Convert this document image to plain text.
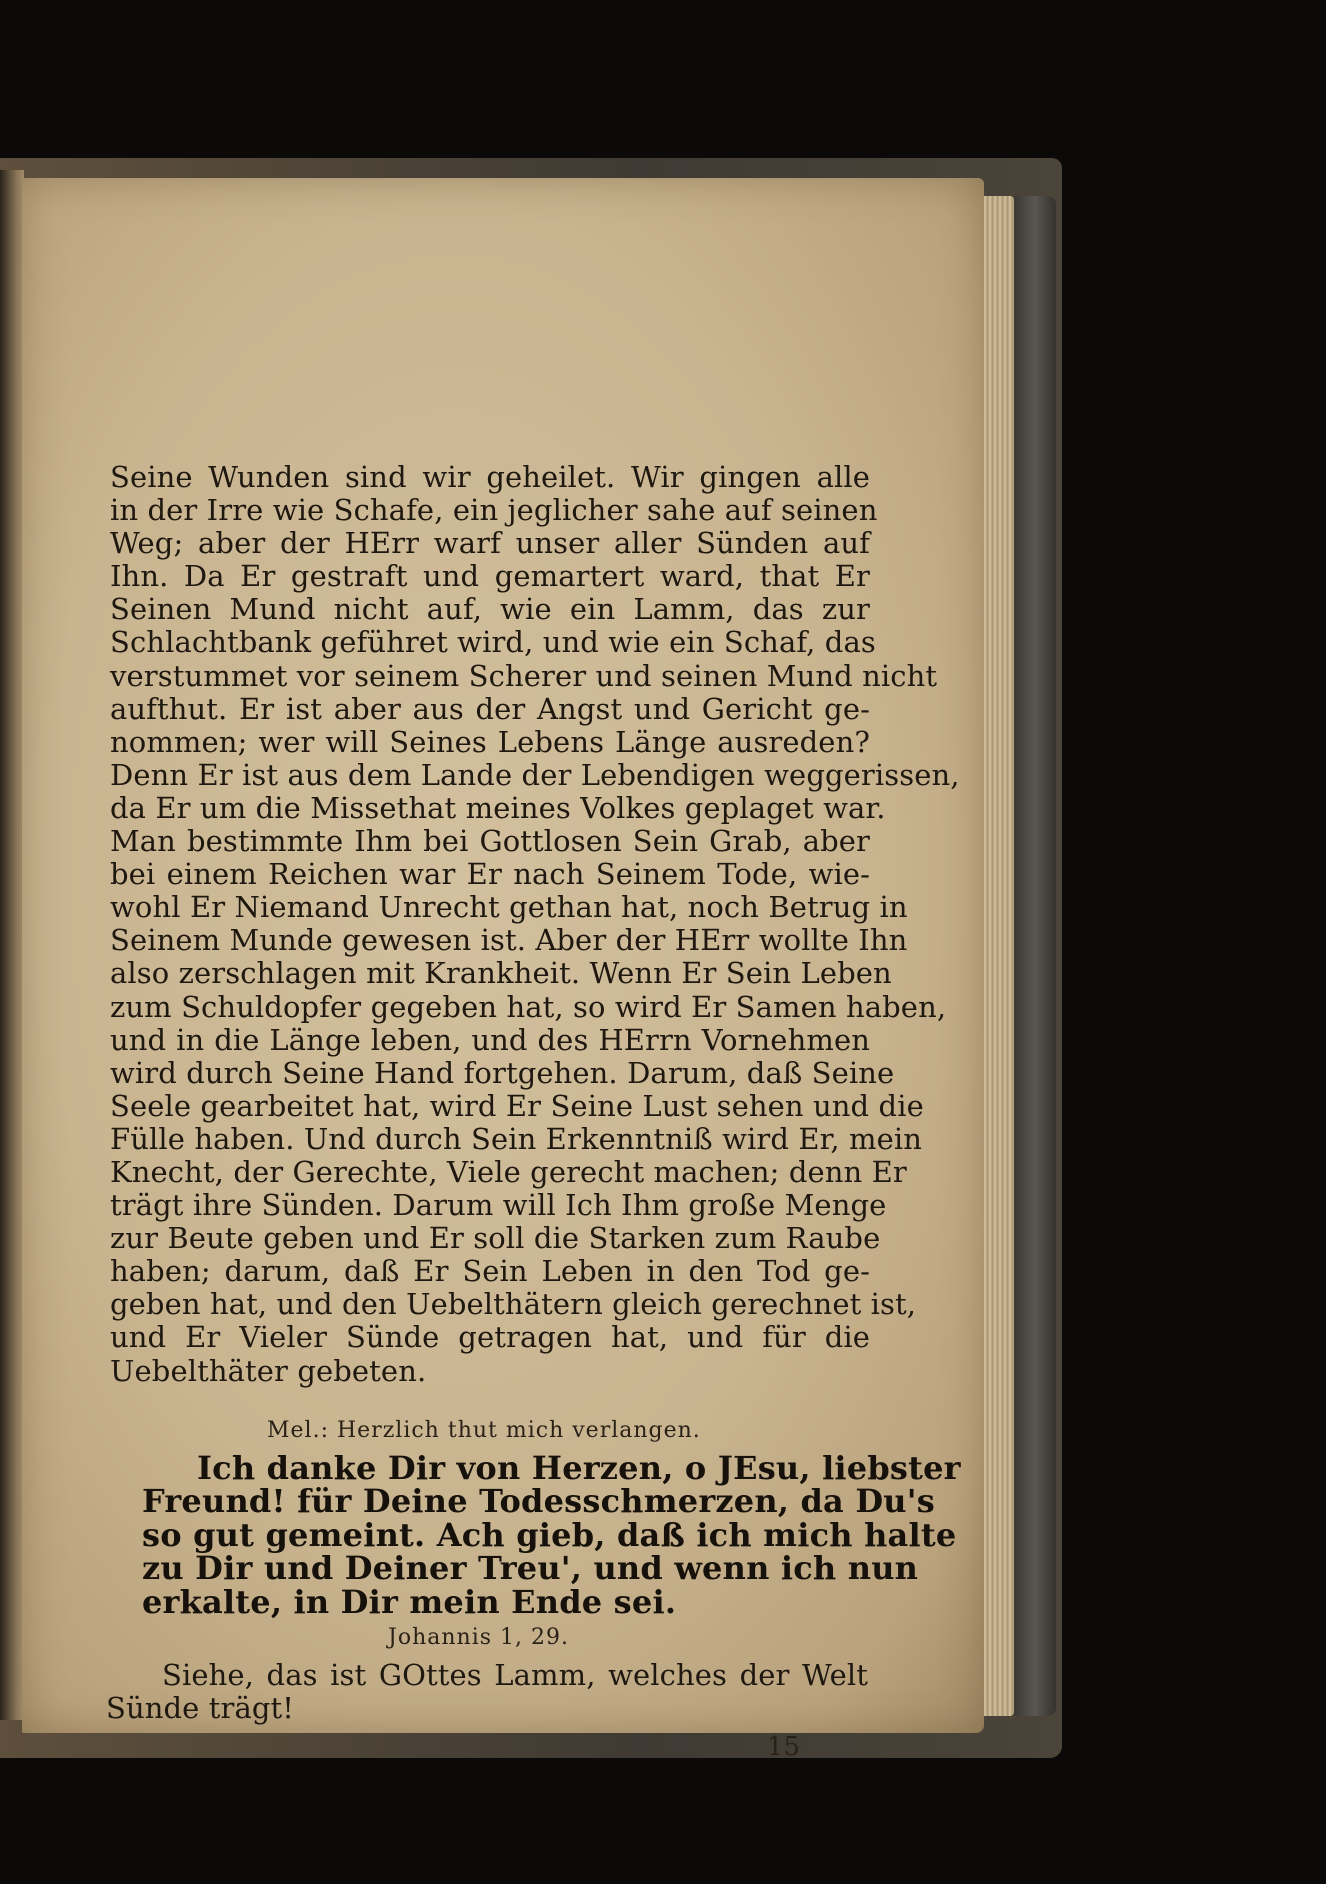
Seine Wunden sind wir geheilet. Wir gingen alle
in der Irre wie Schafe, ein jeglicher sahe auf seinen
Weg; aber der HErr warf unser aller Sünden auf
Ihn. Da Er gestraft und gemartert ward, that Er
Seinen Mund nicht auf, wie ein Lamm, das zur
Schlachtbank geführet wird, und wie ein Schaf, das
verstummet vor seinem Scherer und seinen Mund nicht
aufthut. Er ist aber aus der Angst und Gericht ge-
nommen; wer will Seines Lebens Länge ausreden?
Denn Er ist aus dem Lande der Lebendigen weggerissen,
da Er um die Missethat meines Volkes geplaget war.
Man bestimmte Ihm bei Gottlosen Sein Grab, aber
bei einem Reichen war Er nach Seinem Tode, wie-
wohl Er Niemand Unrecht gethan hat, noch Betrug in
Seinem Munde gewesen ist. Aber der HErr wollte Ihn
also zerschlagen mit Krankheit. Wenn Er Sein Leben
zum Schuldopfer gegeben hat, so wird Er Samen haben,
und in die Länge leben, und des HErrn Vornehmen
wird durch Seine Hand fortgehen. Darum, daß Seine
Seele gearbeitet hat, wird Er Seine Lust sehen und die
Fülle haben. Und durch Sein Erkenntniß wird Er, mein
Knecht, der Gerechte, Viele gerecht machen; denn Er
trägt ihre Sünden. Darum will Ich Ihm große Menge
zur Beute geben und Er soll die Starken zum Raube
haben; darum, daß Er Sein Leben in den Tod ge-
geben hat, und den Uebelthätern gleich gerechnet ist,
und Er Vieler Sünde getragen hat, und für die
Uebelthäter gebeten.
Mel.: Herzlich thut mich verlangen.
Ich danke Dir von Herzen, o JEsu, liebster
Freund! für Deine Todesschmerzen, da Du's
so gut gemeint. Ach gieb, daß ich mich halte
zu Dir und Deiner Treu', und wenn ich nun
erkalte, in Dir mein Ende sei.
Johannis 1, 29.
Siehe, das ist GOttes Lamm, welches der Welt
Sünde trägt!
15
